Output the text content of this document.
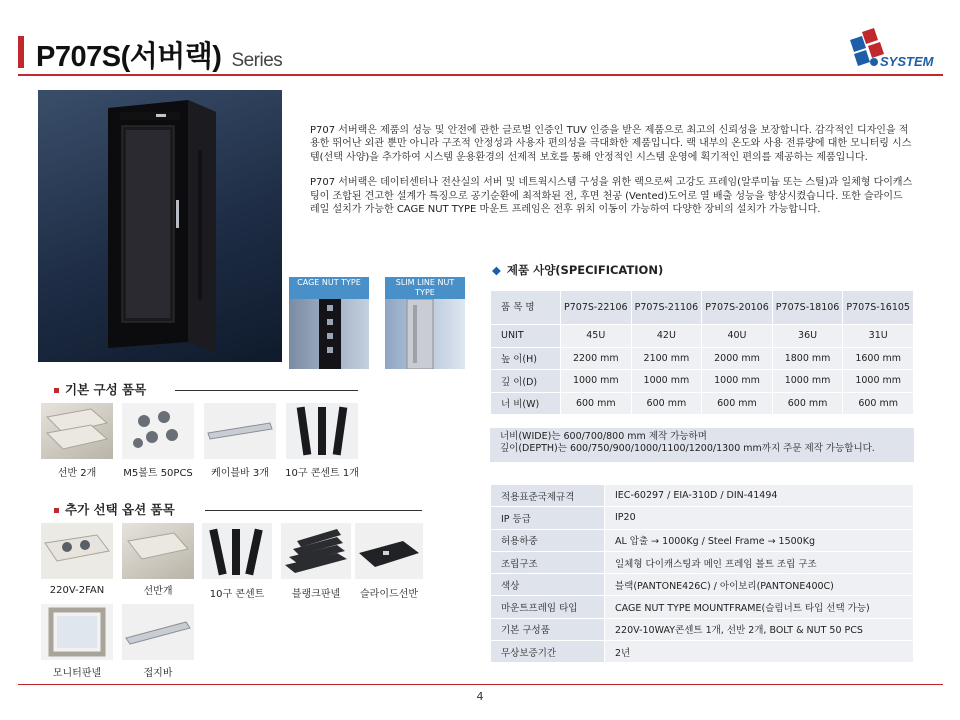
P707S(서버랙) Series	SYSTEM

P707 서버랙은 제품의 성능 및 안전에 관한 글로벌 인증인 TUV 인증을 받은 제품으로 최고의 신뢰성을 보장합니다. 감각적인 디자인을 적용한 뛰어난 외관 뿐만 아니라 구조적 안정성과 사용자 편의성을 극대화한 제품입니다. 랙 내부의 온도와 사용 전류량에 대한 모니터링 시스템(선택 사양)을 추가하여 시스템 운용환경의 선제적 보호를 통해 안정적인 시스템 운영에 획기적인 편의를 제공하는 제품입니다.

P707 서버랙은 데이터센터나 전산실의 서버 및 네트웍시스템 구성을 위한 랙으로써 고강도 프레임(알루미늄 또는 스틸)과 일체형 다이캐스팅이 조합된 견고한 설계가 특징으로 공기순환에 최적화된 전, 후면 천공 (Vented)도어로 열 배출 성능을 향상시켰습니다. 또한 슬라이드 레일 설치가 가능한 CAGE NUT TYPE 마운트 프레임은 전후 위치 이동이 가능하여 다양한 장비의 설치가 가능합니다.

CAGE NUT TYPE	SLIM LINE NUT TYPE
◆ 제품 사양(SPECIFICATION)
품 목 명	P707S-22106	P707S-21106	P707S-20106	P707S-18106	P707S-16105
UNIT	45U	42U	40U	36U	31U
높 이(H)	2200 mm	2100 mm	2000 mm	1800 mm	1600 mm
깊 이(D)	1000 mm	1000 mm	1000 mm	1000 mm	1000 mm
너 비(W)	600 mm	600 mm	600 mm	600 mm	600 mm
너비(WIDE)는 600/700/800 mm 제작 가능하며
깊이(DEPTH)는 600/750/900/1000/1100/1200/1300 mm까지 주문 제작 가능합니다.
적용표준국제규격	IEC-60297 / EIA-310D / DIN-41494
IP 등급	IP20
허용하중	AL 압출 → 1000Kg / Steel Frame → 1500Kg
조립구조	일체형 다이캐스팅과 메인 프레임 볼트 조립 구조
색상	블랙(PANTONE426C) / 아이보리(PANTONE400C)
마운트프레임 타입	CAGE NUT TYPE MOUNTFRAME(슬림너트 타입 선택 가능)
기본 구성품	220V-10WAY콘센트 1개, 선반 2개, BOLT & NUT 50 PCS
무상보증기간	2년
기본 구성 품목
선반 2개	M5볼트 50PCS	케이블바 3개	10구 콘센트 1개
추가 선택 옵션 품목
220V-2FAN	선반개	10구 콘센트	블랭크판넬	슬라이드선반
모니터판넬	접지바
4
